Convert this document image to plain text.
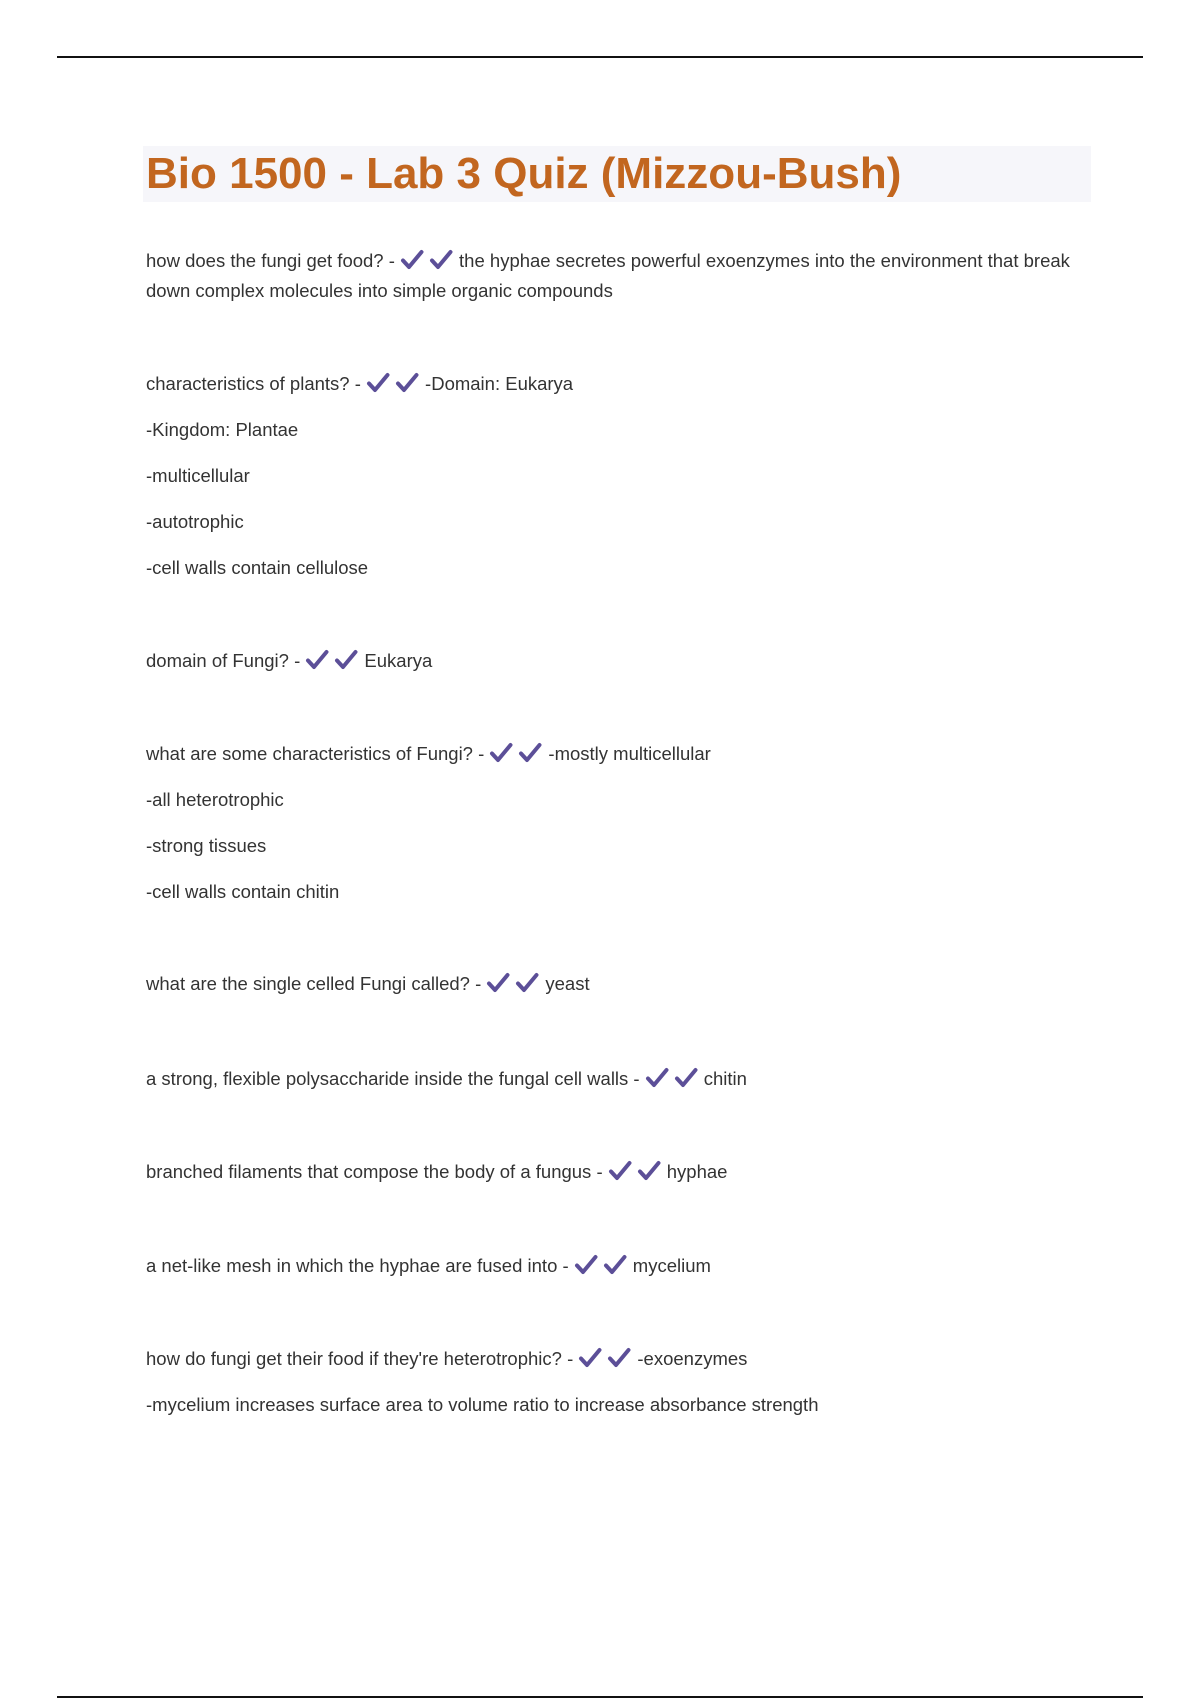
Bio 1500 - Lab 3 Quiz (Mizzou-Bush)
how does the fungi get food? -	the hyphae secretes powerful exoenzymes into the environment that break down complex molecules into simple organic compounds
characteristics of plants? -	-Domain: Eukarya
-Kingdom: Plantae
-multicellular
-autotrophic
-cell walls contain cellulose
domain of Fungi? -	Eukarya
what are some characteristics of Fungi? -	-mostly multicellular
-all heterotrophic
-strong tissues
-cell walls contain chitin
what are the single celled Fungi called? -	yeast
a strong, flexible polysaccharide inside the fungal cell walls -	chitin
branched filaments that compose the body of a fungus -	hyphae
a net-like mesh in which the hyphae are fused into -	mycelium
how do fungi get their food if they're heterotrophic? -	-exoenzymes
-mycelium increases surface area to volume ratio to increase absorbance strength
